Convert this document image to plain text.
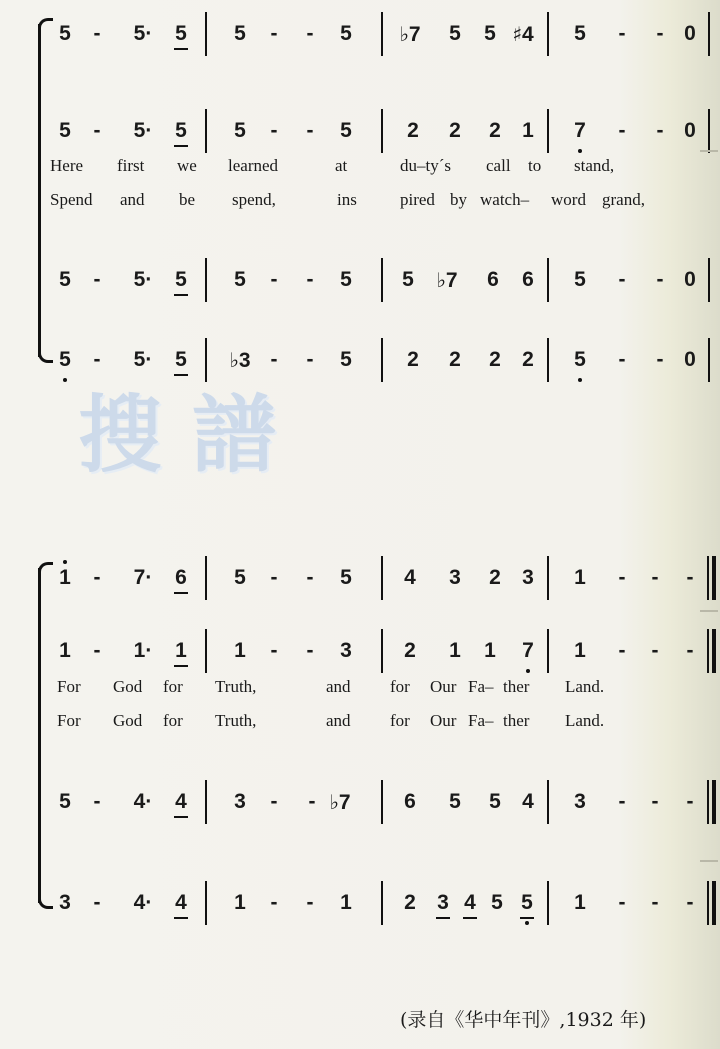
搜譜
5	-	5·	5	5	-	-	5	♭7	5	5 ♯4	5	-	- 0
5	-	5·	5	5	-	-	5	2	2	2	1	7	-	- 0
Here first we learned	at	du–ty´s call to stand,
Spend and be spend,	ins	pired by watch– word grand,
5	-	5·	5	5	-	-	5	5	♭7	6	6	5	-	- 0
5	-	5·	5	♭3 -	-	5	2	2	2	2	5	-	- 0
1	-	7·	6	5	-	-	5	4	3	2	3	1	-	-	-
1	-	1·	1	1	-	-	3	2	1	1	7	1	-	-	-
For God for Truth,	and for Our Fa– ther Land.
For God for Truth,	and for Our Fa– ther Land.
5	-	4·	4	3	-	- ♭7	6	5	5	4	3	-	-	-
3	-	4·	4	1	-	-	1	2	3 4 5 5	1	-	-	-
(录自《华中年刊》,1932 年)
